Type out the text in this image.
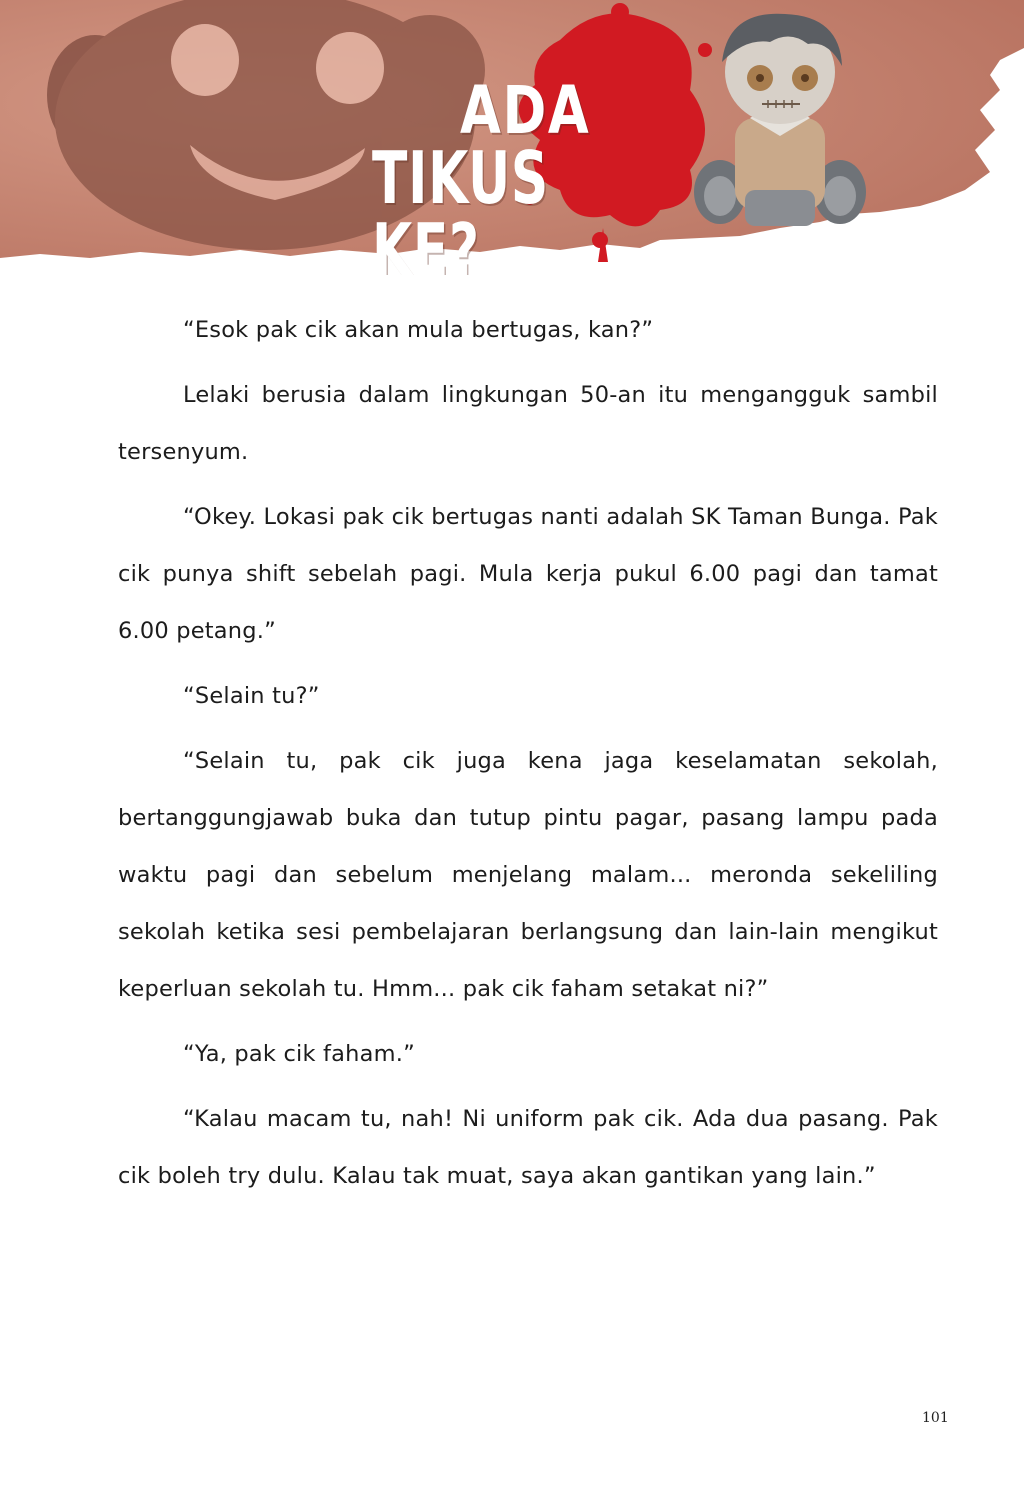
ADA
TIKUS KE?

“Esok pak cik akan mula bertugas, kan?”

Lelaki berusia dalam lingkungan 50-an itu mengangguk sambil tersenyum.

“Okey. Lokasi pak cik bertugas nanti adalah SK Taman Bunga. Pak cik punya shift sebelah pagi. Mula kerja pukul 6.00 pagi dan tamat 6.00 petang.”

“Selain tu?”

“Selain tu, pak cik juga kena jaga keselamatan sekolah, bertanggungjawab buka dan tutup pintu pagar, pasang lampu pada waktu pagi dan sebelum menjelang malam... meronda sekeliling sekolah ketika sesi pembelajaran berlangsung dan lain-lain mengikut keperluan sekolah tu. Hmm... pak cik faham setakat ni?”

“Ya, pak cik faham.”

“Kalau macam tu, nah! Ni uniform pak cik. Ada dua pasang. Pak cik boleh try dulu. Kalau tak muat, saya akan gantikan yang lain.”

101
